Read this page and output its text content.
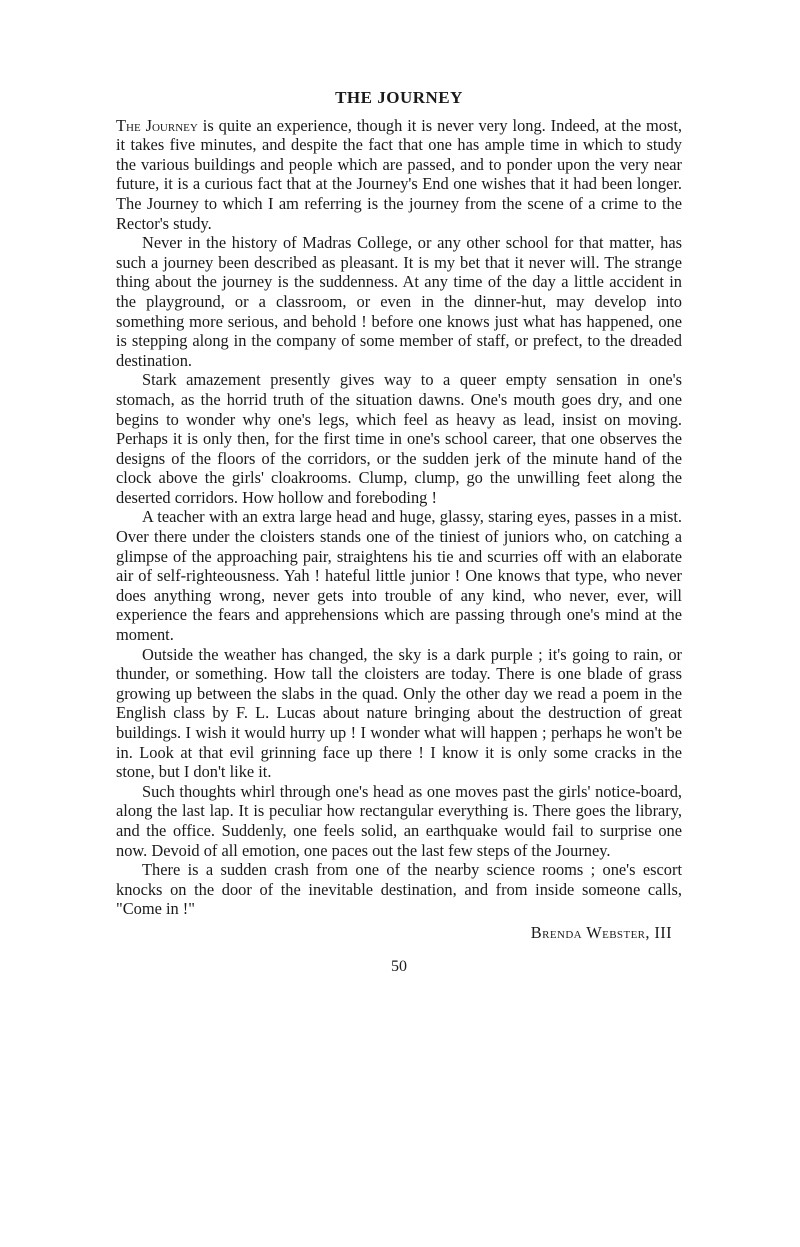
THE JOURNEY

The Journey is quite an experience, though it is never very long. Indeed, at the most, it takes five minutes, and despite the fact that one has ample time in which to study the various buildings and people which are passed, and to ponder upon the very near future, it is a curious fact that at the Journey's End one wishes that it had been longer. The Journey to which I am referring is the journey from the scene of a crime to the Rector's study.

Never in the history of Madras College, or any other school for that matter, has such a journey been described as pleasant. It is my bet that it never will. The strange thing about the journey is the suddenness. At any time of the day a little accident in the playground, or a classroom, or even in the dinner-hut, may develop into something more serious, and behold ! before one knows just what has happened, one is stepping along in the company of some member of staff, or prefect, to the dreaded destination.

Stark amazement presently gives way to a queer empty sensation in one's stomach, as the horrid truth of the situation dawns. One's mouth goes dry, and one begins to wonder why one's legs, which feel as heavy as lead, insist on moving. Perhaps it is only then, for the first time in one's school career, that one observes the designs of the floors of the corridors, or the sudden jerk of the minute hand of the clock above the girls' cloakrooms. Clump, clump, go the unwilling feet along the deserted corridors. How hollow and foreboding !

A teacher with an extra large head and huge, glassy, staring eyes, passes in a mist. Over there under the cloisters stands one of the tiniest of juniors who, on catching a glimpse of the approaching pair, straightens his tie and scurries off with an elaborate air of self-righteousness. Yah ! hateful little junior ! One knows that type, who never does anything wrong, never gets into trouble of any kind, who never, ever, will experience the fears and apprehensions which are passing through one's mind at the moment.

Outside the weather has changed, the sky is a dark purple ; it's going to rain, or thunder, or something. How tall the cloisters are today. There is one blade of grass growing up between the slabs in the quad. Only the other day we read a poem in the English class by F. L. Lucas about nature bringing about the destruction of great buildings. I wish it would hurry up ! I wonder what will happen ; perhaps he won't be in. Look at that evil grinning face up there ! I know it is only some cracks in the stone, but I don't like it.

Such thoughts whirl through one's head as one moves past the girls' notice-board, along the last lap. It is peculiar how rectangular everything is. There goes the library, and the office. Suddenly, one feels solid, an earthquake would fail to surprise one now. Devoid of all emotion, one paces out the last few steps of the Journey.

There is a sudden crash from one of the nearby science rooms ; one's escort knocks on the door of the inevitable destination, and from inside someone calls, "Come in !"

Brenda Webster, III
50
